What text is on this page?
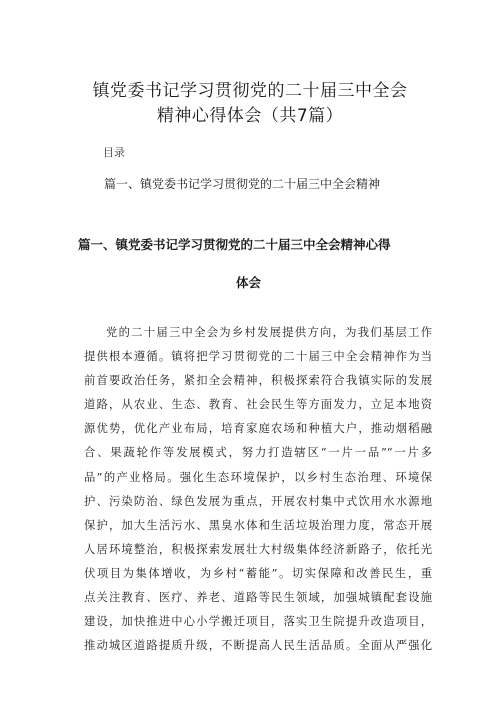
镇党委书记学习贯彻党的二十届三中全会
精神心得体会（共7篇）
目录
篇一、镇党委书记学习贯彻党的二十届三中全会精神
篇一、镇党委书记学习贯彻党的二十届三中全会精神心得
体会
党的二十届三中全会为乡村发展提供方向，为我们基层工作
提供根本遵循。镇将把学习贯彻党的二十届三中全会精神作为当
前首要政治任务，紧扣全会精神，积极探索符合我镇实际的发展
道路，从农业、生态、教育、社会民生等方面发力，立足本地资
源优势，优化产业布局，培育家庭农场和种植大户，推动烟稻融
合、果蔬轮作等发展模式，努力打造辖区“一片一品”“一片多
品”的产业格局。强化生态环境保护，以乡村生态治理、环境保
护、污染防治、绿色发展为重点，开展农村集中式饮用水水源地
保护，加大生活污水、黑臭水体和生活垃圾治理力度，常态开展
人居环境整治，积极探索发展壮大村级集体经济新路子，依托光
伏项目为集体增收，为乡村“蓄能”。切实保障和改善民生，重
点关注教育、医疗、养老、道路等民生领域，加强城镇配套设施
建设，加快推进中心小学搬迁项目，落实卫生院提升改造项目，
推动城区道路提质升级，不断提高人民生活品质。全面从严强化
